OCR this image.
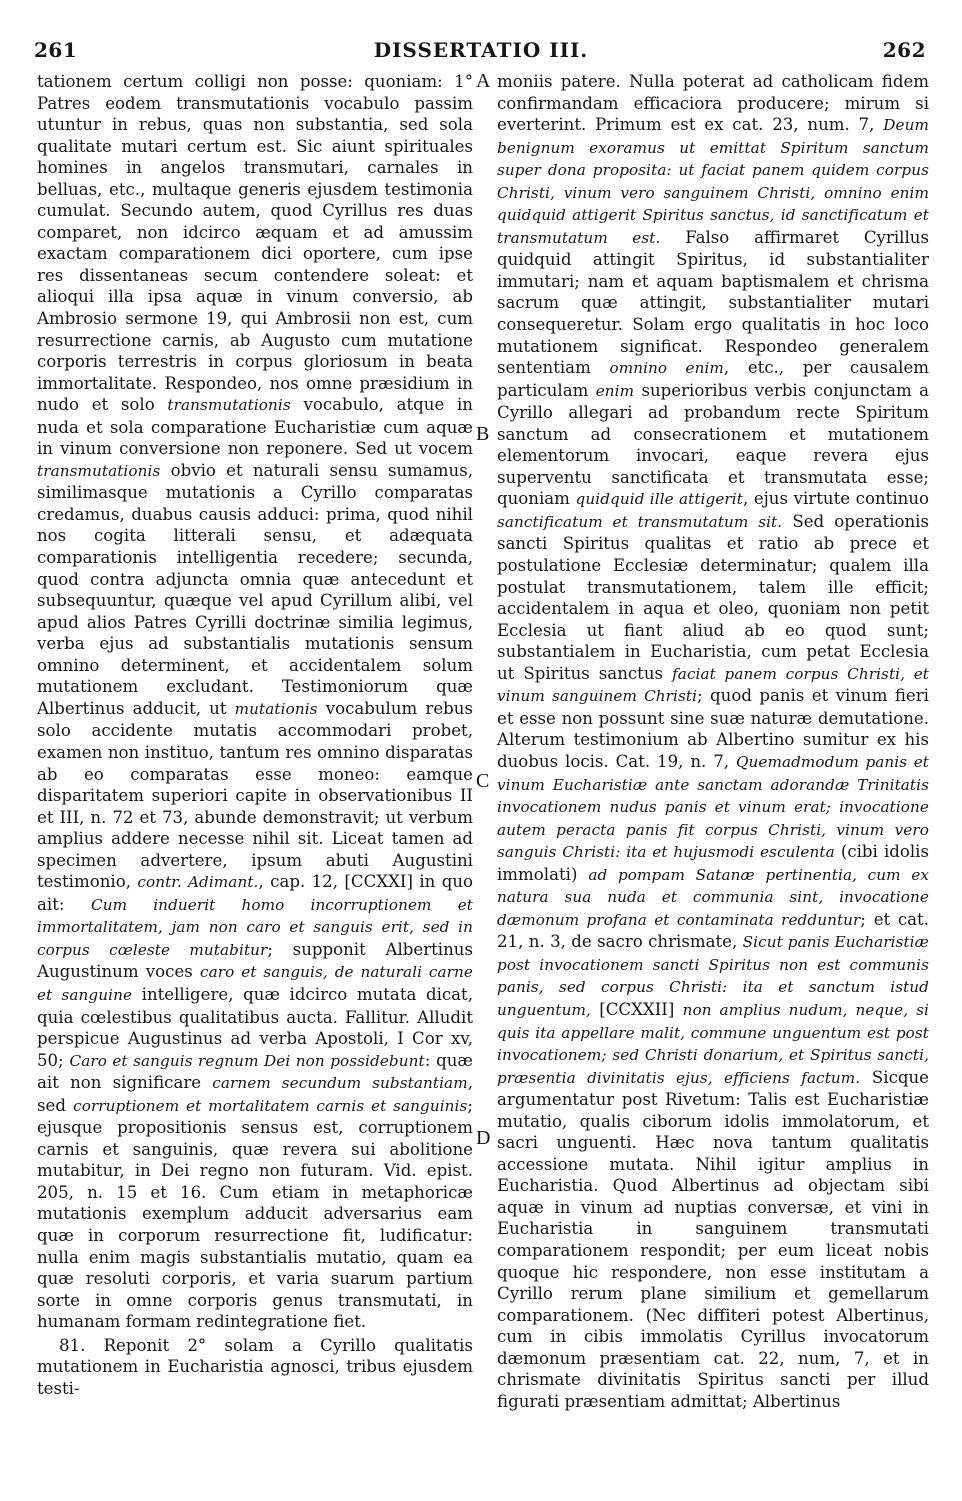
261	DISSERTATIO III.	262
A
B
C
D

tationem certum colligi non posse: quoniam: 1° Patres eodem transmutationis vocabulo passim utuntur in rebus, quas non substantia, sed sola qualitate mutari certum est. Sic aiunt spirituales homines in angelos transmutari, carnales in belluas, etc., multaque generis ejusdem testimonia cumulat. Secundo autem, quod Cyrillus res duas comparet, non idcirco æquam et ad amussim exactam comparationem dici oportere, cum ipse res dissentaneas secum contendere soleat: et alioqui illa ipsa aquæ in vinum conversio, ab Ambrosio sermone 19, qui Ambrosii non est, cum resurrectione carnis, ab Augusto cum mutatione corporis terrestris in corpus gloriosum in beata immortalitate. Respondeo, nos omne præsidium in nudo et solo transmutationis vocabulo, atque in nuda et sola comparatione Eucharistiæ cum aquæ in vinum conversione non reponere. Sed ut vocem transmutationis obvio et naturali sensu sumamus, similimasque mutationis a Cyrillo comparatas credamus, duabus causis adduci: prima, quod nihil nos cogita litterali sensu, et adæquata comparationis intelligentia recedere; secunda, quod contra adjuncta omnia quæ antecedunt et subsequuntur, quæque vel apud Cyrillum alibi, vel apud alios Patres Cyrilli doctrinæ similia legimus, verba ejus ad substantialis mutationis sensum omnino determinent, et accidentalem solum mutationem excludant. Testimoniorum quæ Albertinus adducit, ut mutationis vocabulum rebus solo accidente mutatis accommodari probet, examen non instituo, tantum res omnino disparatas ab eo comparatas esse moneo: eamque disparitatem superiori capite in observationibus II et III, n. 72 et 73, abunde demonstravit; ut verbum amplius addere necesse nihil sit. Liceat tamen ad specimen advertere, ipsum abuti Augustini testimonio, contr. Adimant., cap. 12, [CCXXI] in quo ait: Cum induerit homo incorruptionem et immortalitatem, jam non caro et sanguis erit, sed in corpus cœleste mutabitur; supponit Albertinus Augustinum voces caro et sanguis, de naturali carne et sanguine intelligere, quæ idcirco mutata dicat, quia cœlestibus qualitatibus aucta. Fallitur. Alludit perspicue Augustinus ad verba Apostoli, I Cor xv, 50; Caro et sanguis regnum Dei non possidebunt: quæ ait non significare carnem secundum substantiam, sed corruptionem et mortalitatem carnis et sanguinis; ejusque propositionis sensus est, corruptionem carnis et sanguinis, quæ revera sui abolitione mutabitur, in Dei regno non futuram. Vid. epist. 205, n. 15 et 16. Cum etiam in metaphoricæ mutationis exemplum adducit adversarius eam quæ in corporum resurrectione fit, ludificatur: nulla enim magis substantialis mutatio, quam ea quæ resoluti corporis, et varia suarum partium sorte in omne corporis genus transmutati, in humanam formam redintegratione fiet.

81. Reponit 2° solam a Cyrillo qualitatis mutationem in Eucharistia agnosci, tribus ejusdem testi-

moniis patere. Nulla poterat ad catholicam fidem confirmandam efficaciora producere; mirum si everterint. Primum est ex cat. 23, num. 7, Deum benignum exoramus ut emittat Spiritum sanctum super dona proposita: ut faciat panem quidem corpus Christi, vinum vero sanguinem Christi, omnino enim quidquid attigerit Spiritus sanctus, id sanctificatum et transmutatum est. Falso affirmaret Cyrillus quidquid attingit Spiritus, id substantialiter immutari; nam et aquam baptismalem et chrisma sacrum quæ attingit, substantialiter mutari consequeretur. Solam ergo qualitatis in hoc loco mutationem significat. Respondeo generalem sententiam omnino enim, etc., per causalem particulam enim superioribus verbis conjunctam a Cyrillo allegari ad probandum recte Spiritum sanctum ad consecrationem et mutationem elementorum invocari, eaque revera ejus superventu sanctificata et transmutata esse; quoniam quidquid ille attigerit, ejus virtute continuo sanctificatum et transmutatum sit. Sed operationis sancti Spiritus qualitas et ratio ab prece et postulatione Ecclesiæ determinatur; qualem illa postulat transmutationem, talem ille efficit; accidentalem in aqua et oleo, quoniam non petit Ecclesia ut fiant aliud ab eo quod sunt; substantialem in Eucharistia, cum petat Ecclesia ut Spiritus sanctus faciat panem corpus Christi, et vinum sanguinem Christi; quod panis et vinum fieri et esse non possunt sine suæ naturæ demutatione. Alterum testimonium ab Albertino sumitur ex his duobus locis. Cat. 19, n. 7, Quemadmodum panis et vinum Eucharistiæ ante sanctam adorandæ Trinitatis invocationem nudus panis et vinum erat; invocatione autem peracta panis fit corpus Christi, vinum vero sanguis Christi: ita et hujusmodi esculenta (cibi idolis immolati) ad pompam Satanæ pertinentia, cum ex natura sua nuda et communia sint, invocatione dæmonum profana et contaminata redduntur; et cat. 21, n. 3, de sacro chrismate, Sicut panis Eucharistiæ post invocationem sancti Spiritus non est communis panis, sed corpus Christi: ita et sanctum istud unguentum, [CCXXII] non amplius nudum, neque, si quis ita appellare malit, commune unguentum est post invocationem; sed Christi donarium, et Spiritus sancti, præsentia divinitatis ejus, efficiens factum. Sicque argumentatur post Rivetum: Talis est Eucharistiæ mutatio, qualis ciborum idolis immolatorum, et sacri unguenti. Hæc nova tantum qualitatis accessione mutata. Nihil igitur amplius in Eucharistia. Quod Albertinus ad objectam sibi aquæ in vinum ad nuptias conversæ, et vini in Eucharistia in sanguinem transmutati comparationem respondit; per eum liceat nobis quoque hic respondere, non esse institutam a Cyrillo rerum plane similium et gemellarum comparationem. (Nec diffiteri potest Albertinus, cum in cibis immolatis Cyrillus invocatorum dæmonum præsentiam cat. 22, num, 7, et in chrismate divinitatis Spiritus sancti per illud figurati præsentiam admittat; Albertinus
